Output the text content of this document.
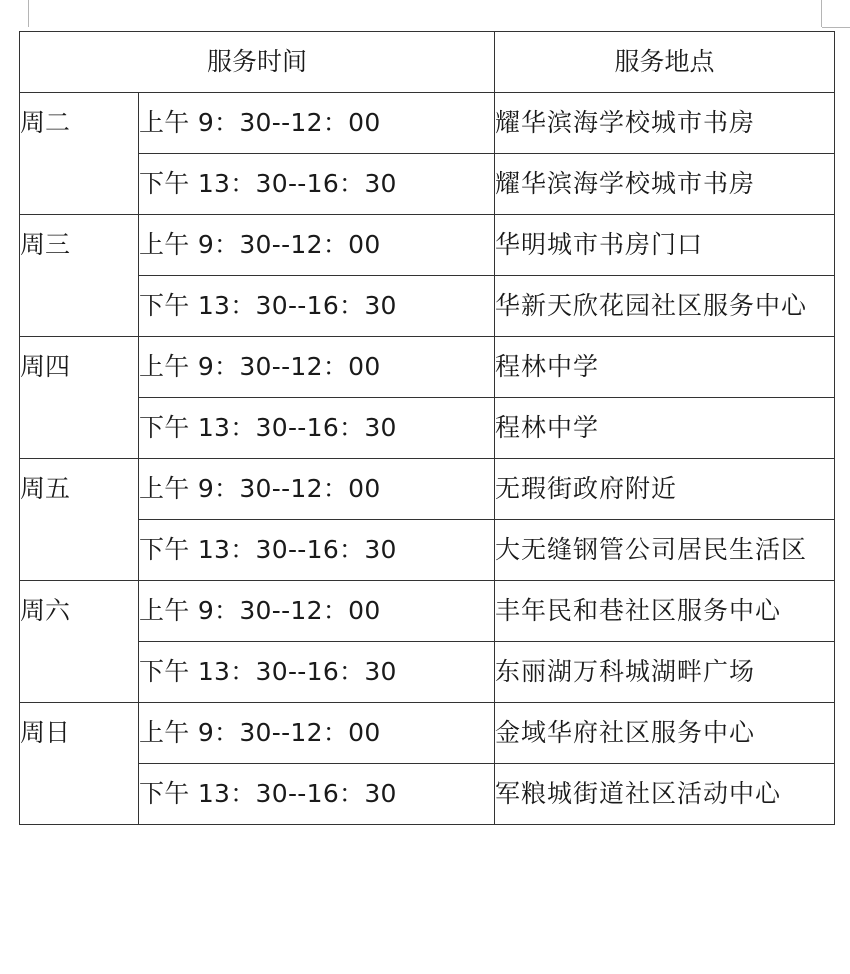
服务时间		服务地点
周二	上午 9：30--12：00	耀华滨海学校城市书房
	下午 13：30--16：30	耀华滨海学校城市书房
周三	上午 9：30--12：00	华明城市书房门口
	下午 13：30--16：30	华新天欣花园社区服务中心
周四	上午 9：30--12：00	程林中学
	下午 13：30--16：30	程林中学
周五	上午 9：30--12：00	无瑕街政府附近
	下午 13：30--16：30	大无缝钢管公司居民生活区
周六	上午 9：30--12：00	丰年民和巷社区服务中心
	下午 13：30--16：30	东丽湖万科城湖畔广场
周日	上午 9：30--12：00	金域华府社区服务中心
	下午 13：30--16：30	军粮城街道社区活动中心
